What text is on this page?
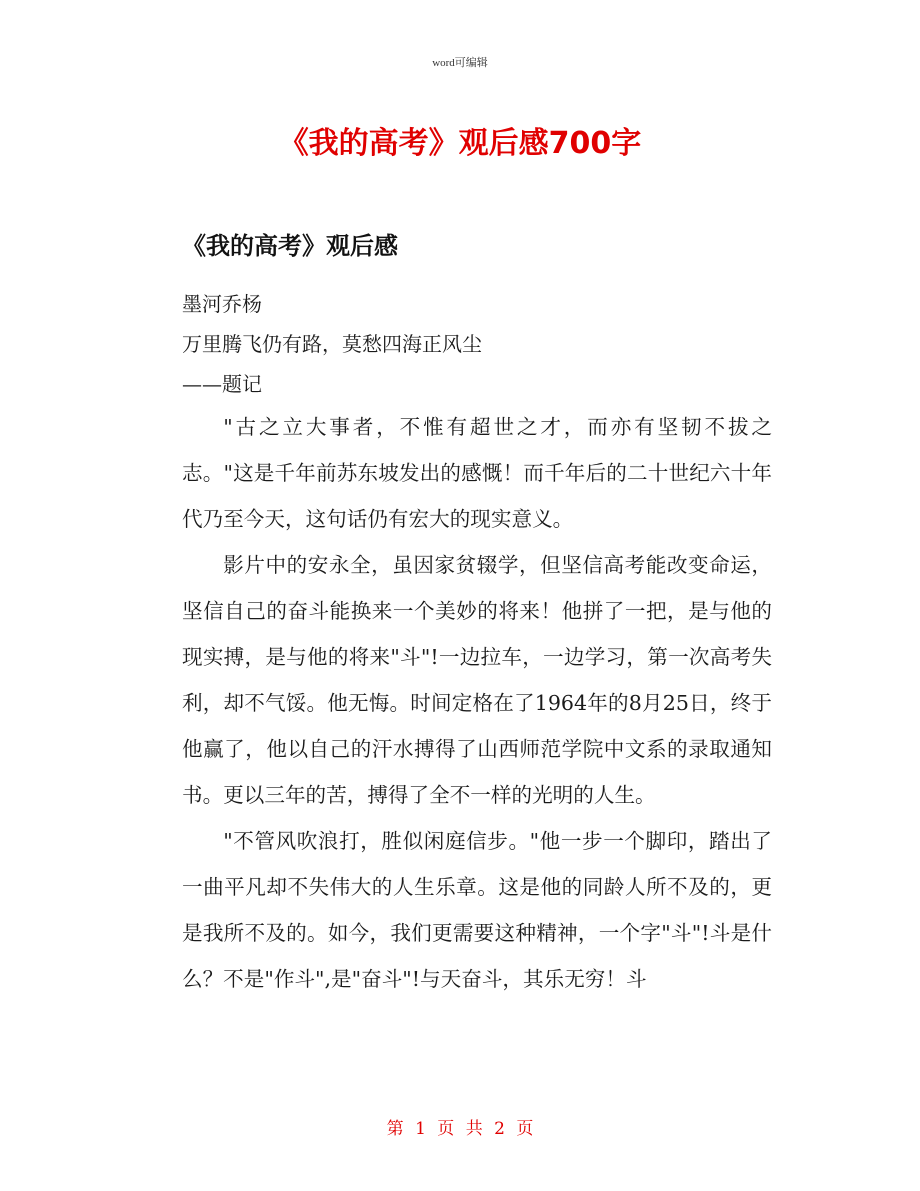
word可编辑
《我的高考》观后感700字
《我的高考》观后感
墨河乔杨
万里腾飞仍有路，莫愁四海正风尘
——题记

"古之立大事者，不惟有超世之才，而亦有坚韧不拔之志。"这是千年前苏东坡发出的感慨！而千年后的二十世纪六十年代乃至今天，这句话仍有宏大的现实意义。

影片中的安永全，虽因家贫辍学，但坚信高考能改变命运，坚信自己的奋斗能换来一个美妙的将来！他拼了一把，是与他的现实搏，是与他的将来"斗"!一边拉车，一边学习，第一次高考失利，却不气馁。他无悔。时间定格在了1964年的8月25日，终于他赢了，他以自己的汗水搏得了山西师范学院中文系的录取通知书。更以三年的苦，搏得了全不一样的光明的人生。

"不管风吹浪打，胜似闲庭信步。"他一步一个脚印，踏出了一曲平凡却不失伟大的人生乐章。这是他的同龄人所不及的，更是我所不及的。如今，我们更需要这种精神，一个字"斗"!斗是什么？不是"作斗",是"奋斗"!与天奋斗，其乐无穷！斗

第 1 页 共 2 页
